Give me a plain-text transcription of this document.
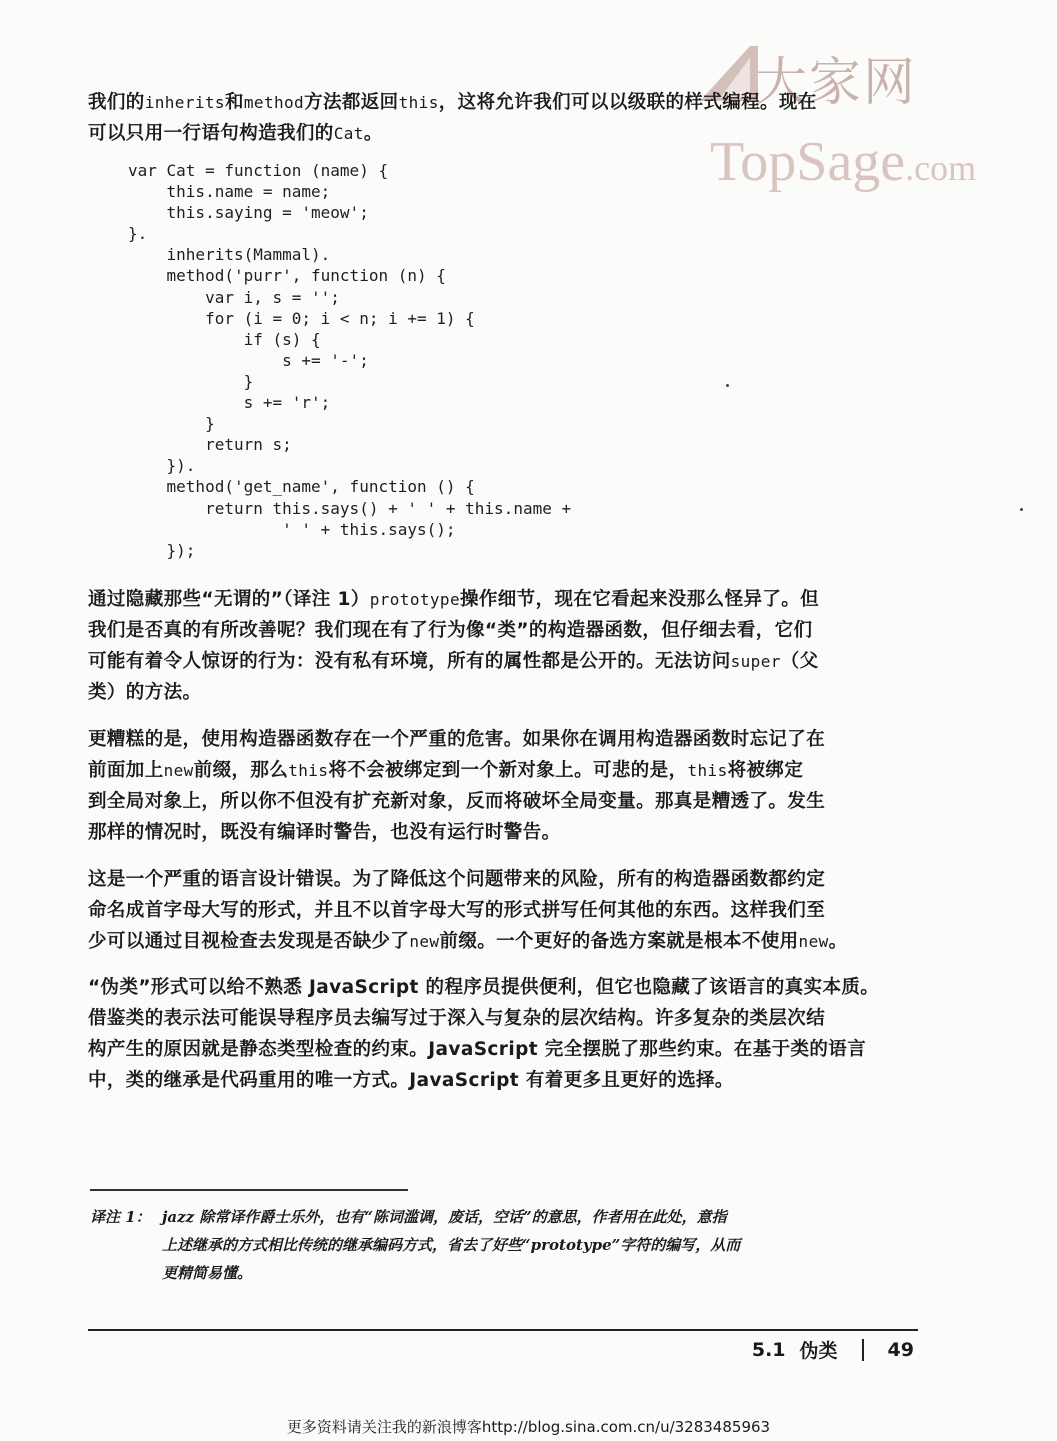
大家网
TopSage.com
我们的inherits和method方法都返回this，这将允许我们可以以级联的样式编程。现在
可以只用一行语句构造我们的Cat。
var Cat = function (name) {
this.name = name;
this.saying = 'meow';
}.
inherits(Mammal).
method('purr', function (n) {
var i, s = '';
for (i = 0; i < n; i += 1) {
if (s) {
s += '-';
}
s += 'r';
}
return s;
}).
method('get_name', function () {
return this.says() + ' ' + this.name +
' ' + this.says();
});
通过隐藏那些“无谓的”（译注 1）prototype操作细节，现在它看起来没那么怪异了。但
我们是否真的有所改善呢？我们现在有了行为像“类”的构造器函数，但仔细去看，它们
可能有着令人惊讶的行为：没有私有环境，所有的属性都是公开的。无法访问super（父
类）的方法。
更糟糕的是，使用构造器函数存在一个严重的危害。如果你在调用构造器函数时忘记了在
前面加上new前缀，那么this将不会被绑定到一个新对象上。可悲的是，this将被绑定
到全局对象上，所以你不但没有扩充新对象，反而将破坏全局变量。那真是糟透了。发生
那样的情况时，既没有编译时警告，也没有运行时警告。
这是一个严重的语言设计错误。为了降低这个问题带来的风险，所有的构造器函数都约定
命名成首字母大写的形式，并且不以首字母大写的形式拼写任何其他的东西。这样我们至
少可以通过目视检查去发现是否缺少了new前缀。一个更好的备选方案就是根本不使用new。
“伪类”形式可以给不熟悉 JavaScript 的程序员提供便利，但它也隐藏了该语言的真实本质。
借鉴类的表示法可能误导程序员去编写过于深入与复杂的层次结构。许多复杂的类层次结
构产生的原因就是静态类型检查的约束。JavaScript 完全摆脱了那些约束。在基于类的语言
中，类的继承是代码重用的唯一方式。JavaScript 有着更多且更好的选择。
译注 1： jazz 除常译作爵士乐外，也有“陈词滥调，废话，空话”的意思，作者用在此处，意指
上述继承的方式相比传统的继承编码方式，省去了好些“prototype”字符的编写，从而
更精简易懂。
5.1 伪类	49
更多资料请关注我的新浪博客http://blog.sina.com.cn/u/3283485963
